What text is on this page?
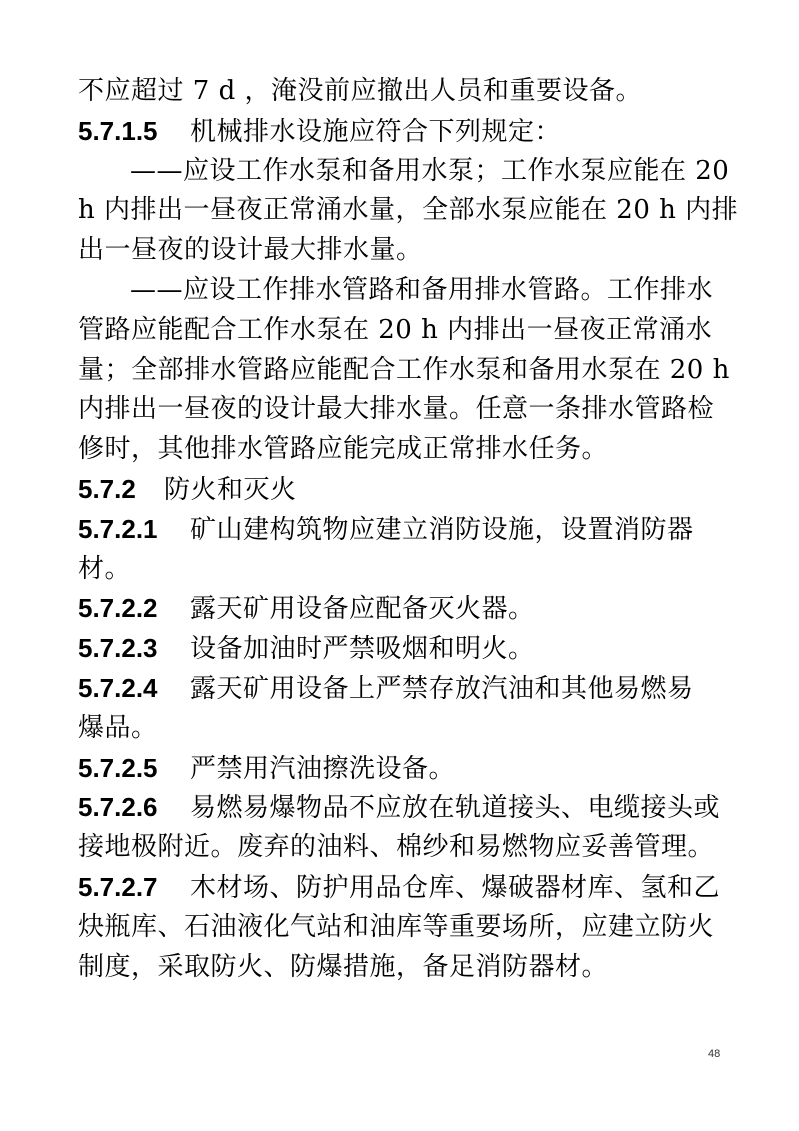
不应超过 7 d ，淹没前应撤出人员和重要设备。
5.7.1.5 机械排水设施应符合下列规定：
——应设工作水泵和备用水泵；工作水泵应能在 20
h 内排出一昼夜正常涌水量，全部水泵应能在 20 h 内排
出一昼夜的设计最大排水量。
——应设工作排水管路和备用排水管路。工作排水
管路应能配合工作水泵在 20 h 内排出一昼夜正常涌水
量；全部排水管路应能配合工作水泵和备用水泵在 20 h
内排出一昼夜的设计最大排水量。任意一条排水管路检
修时，其他排水管路应能完成正常排水任务。
5.7.2 防火和灭火
5.7.2.1 矿山建构筑物应建立消防设施，设置消防器
材。
5.7.2.2 露天矿用设备应配备灭火器。
5.7.2.3 设备加油时严禁吸烟和明火。
5.7.2.4 露天矿用设备上严禁存放汽油和其他易燃易
爆品。
5.7.2.5 严禁用汽油擦洗设备。
5.7.2.6 易燃易爆物品不应放在轨道接头、电缆接头或
接地极附近。废弃的油料、棉纱和易燃物应妥善管理。
5.7.2.7 木材场、防护用品仓库、爆破器材库、氢和乙
炔瓶库、石油液化气站和油库等重要场所，应建立防火
制度，采取防火、防爆措施，备足消防器材。
48
